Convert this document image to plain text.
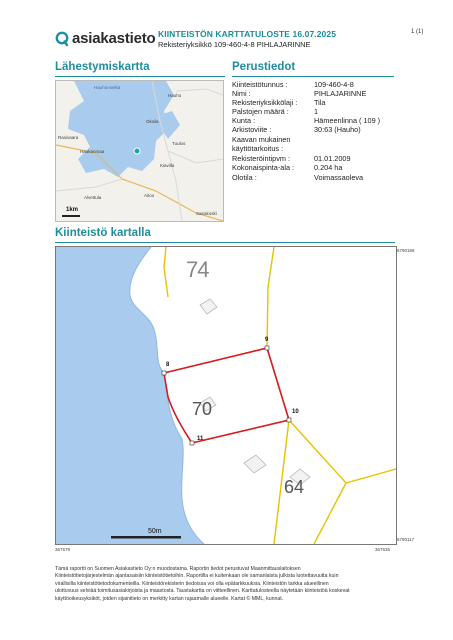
asiakastieto KIINTEISTÖN KARTTATULOSTE 16.07.2025
Rekisteriyksikkö 109-460-4-8 PIHLAJARINNE
1 (1)
Lähestymiskartta
Hauhonselkä
Hauho
Oksila
Tuulos
Haukanmaa
Kiavilla
Alvettula	Aitoo
Rasivaara
Sairakoski
1km
Perustiedot
Kiinteistötunnus :	109-460-4-8
Nimi :	PIHLAJARINNE
Rekisteriyksikkölaji : Tila
Palstojen määrä :	1
Kunta :	Hämeenlinna ( 109 )
Arkistoviite :	30:63 (Hauho)
Kaavan mukainen
käyttötarkoitus :
Rekisteröintipvm :	01.01.2009
Kokonaispinta-ala :	0.204 ha
Olotila :	Voimassaoleva
Kiinteistö kartalla
74
70
64
8
9
10
11
50m
6790168
6790117
367579	367635

Tämä raportti on Suomen Asiakastieto Oy:n muodostama. Raportin tiedot perustuvat Maanmittauslaitoksen

Kiinteistötietojärjestelmän ajantasaisiin kiinteistötietoihin. Raportilla ei kuitenkaan ole samanlaista julkista luotettavuutta kuin

virallisilla kiinteistötietodokumenteilla. Kiinteistörekisterin tiedoissa voi olla epätarkkuuksia. Kiinteistön tarkka alueellinen

ulottuvuus selviää toimitusasiakirjoista ja maastosta. Taustakartta on viitteellinen. Karttatulosteella näytetään kiinteistöä koskevat

käyttöoikeusyksiköt, jotden sijainitieto on merkitty kartan rajaamalle alueelle. Kartat © MML, kunnat.
